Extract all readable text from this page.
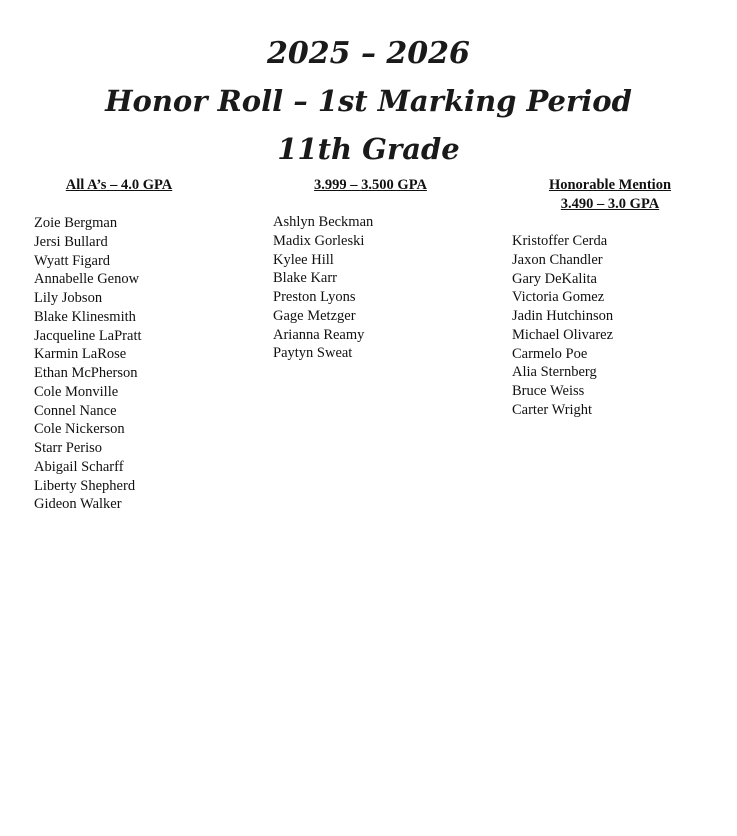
2025 – 2026
Honor Roll – 1st Marking Period
11th Grade
All A’s – 4.0 GPA
Zoie Bergman
Jersi Bullard
Wyatt Figard
Annabelle Genow
Lily Jobson
Blake Klinesmith
Jacqueline LaPratt
Karmin LaRose
Ethan McPherson
Cole Monville
Connel Nance
Cole Nickerson
Starr Periso
Abigail Scharff
Liberty Shepherd
Gideon Walker
3.999 – 3.500 GPA
Ashlyn Beckman
Madix Gorleski
Kylee Hill
Blake Karr
Preston Lyons
Gage Metzger
Arianna Reamy
Paytyn Sweat
Honorable Mention
3.490 – 3.0 GPA
Kristoffer Cerda
Jaxon Chandler
Gary DeKalita
Victoria Gomez
Jadin Hutchinson
Michael Olivarez
Carmelo Poe
Alia Sternberg
Bruce Weiss
Carter Wright
